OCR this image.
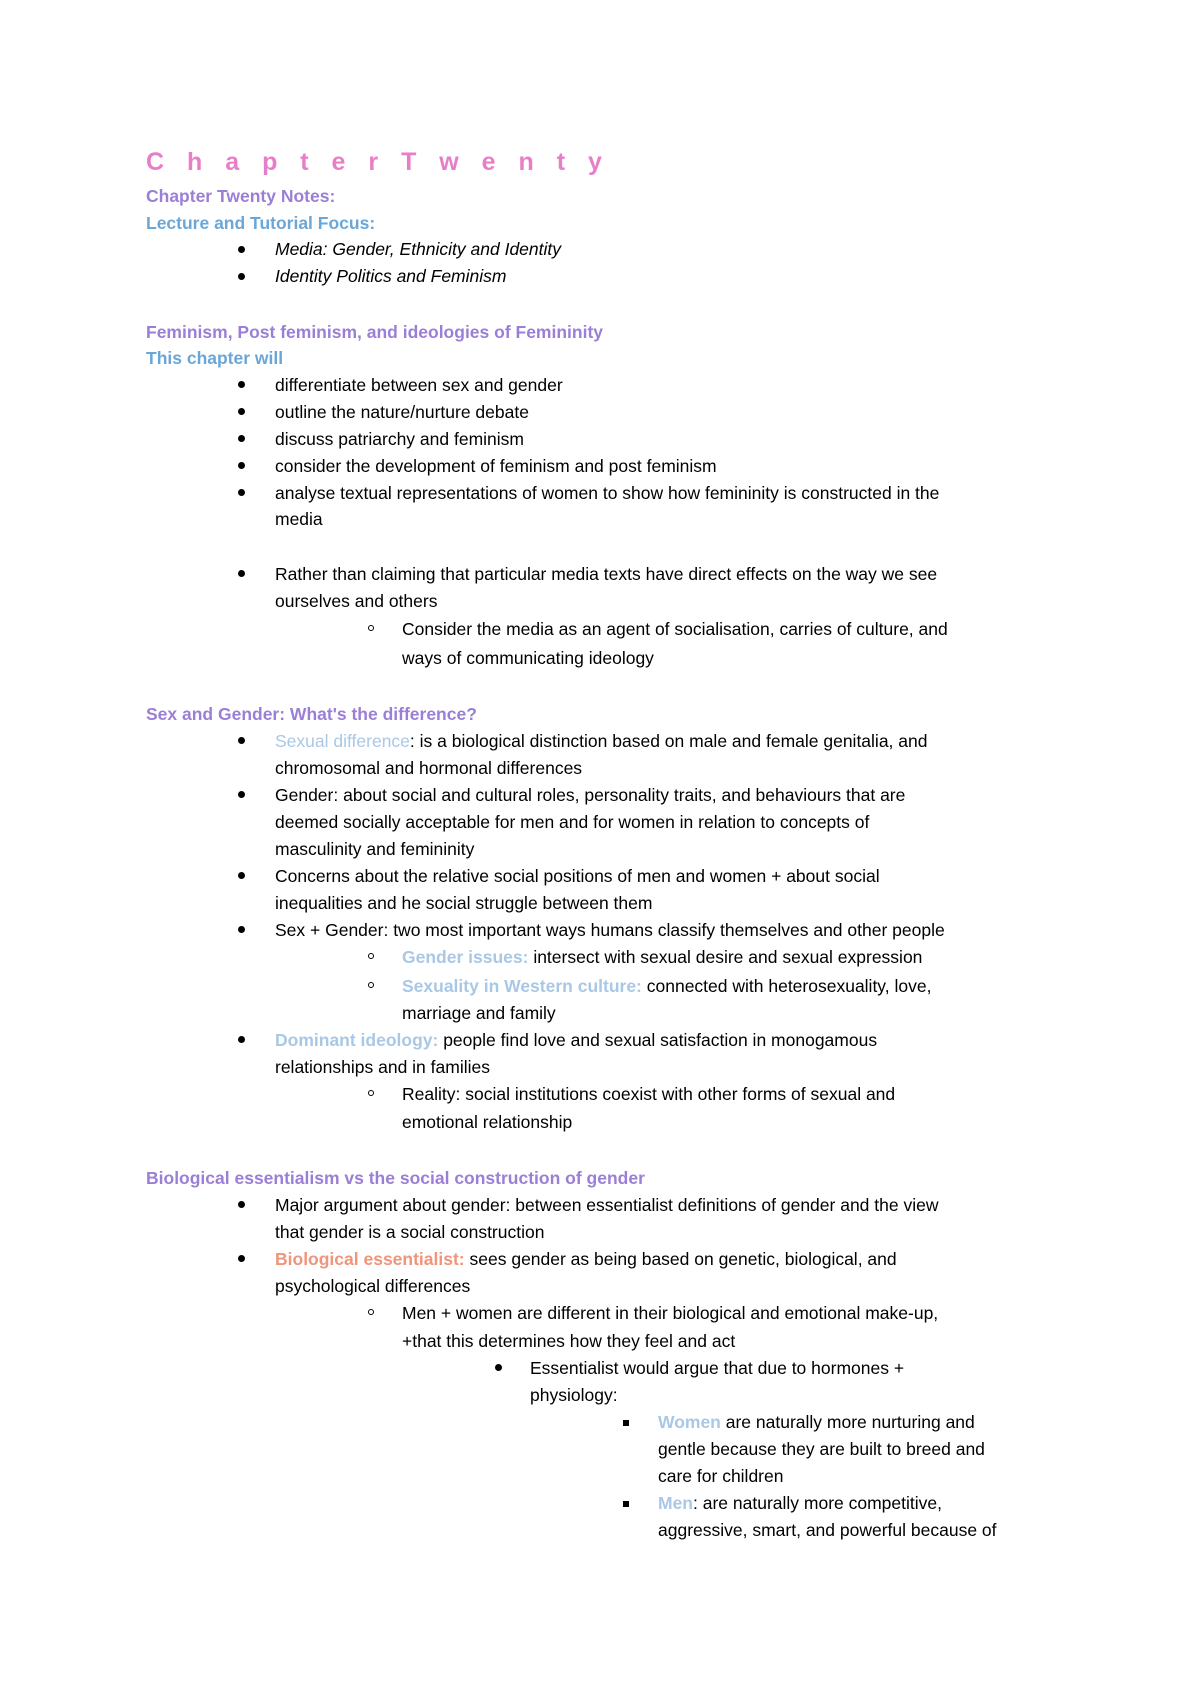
C h a p t e r T w e n t y
Chapter Twenty Notes:
Lecture and Tutorial Focus:
Media: Gender, Ethnicity and Identity
Identity Politics and Feminism
Feminism, Post feminism, and ideologies of Femininity
This chapter will
differentiate between sex and gender
outline the nature/nurture debate
discuss patriarchy and feminism
consider the development of feminism and post feminism
analyse textual representations of women to show how femininity is constructed in the
media
Rather than claiming that particular media texts have direct effects on the way we see
ourselves and others
Consider the media as an agent of socialisation, carries of culture, and
ways of communicating ideology
Sex and Gender: What's the difference?
Sexual difference: is a biological distinction based on male and female genitalia, and
chromosomal and hormonal differences
Gender: about social and cultural roles, personality traits, and behaviours that are
deemed socially acceptable for men and for women in relation to concepts of
masculinity and femininity
Concerns about the relative social positions of men and women + about social
inequalities and he social struggle between them
Sex + Gender: two most important ways humans classify themselves and other people
Gender issues: intersect with sexual desire and sexual expression
Sexuality in Western culture: connected with heterosexuality, love,
marriage and family
Dominant ideology: people find love and sexual satisfaction in monogamous
relationships and in families
Reality: social institutions coexist with other forms of sexual and
emotional relationship
Biological essentialism vs the social construction of gender
Major argument about gender: between essentialist definitions of gender and the view
that gender is a social construction
Biological essentialist: sees gender as being based on genetic, biological, and
psychological differences
Men + women are different in their biological and emotional make-up,
+that this determines how they feel and act
Essentialist would argue that due to hormones +
physiology:
Women are naturally more nurturing and
gentle because they are built to breed and
care for children
Men: are naturally more competitive,
aggressive, smart, and powerful because of
